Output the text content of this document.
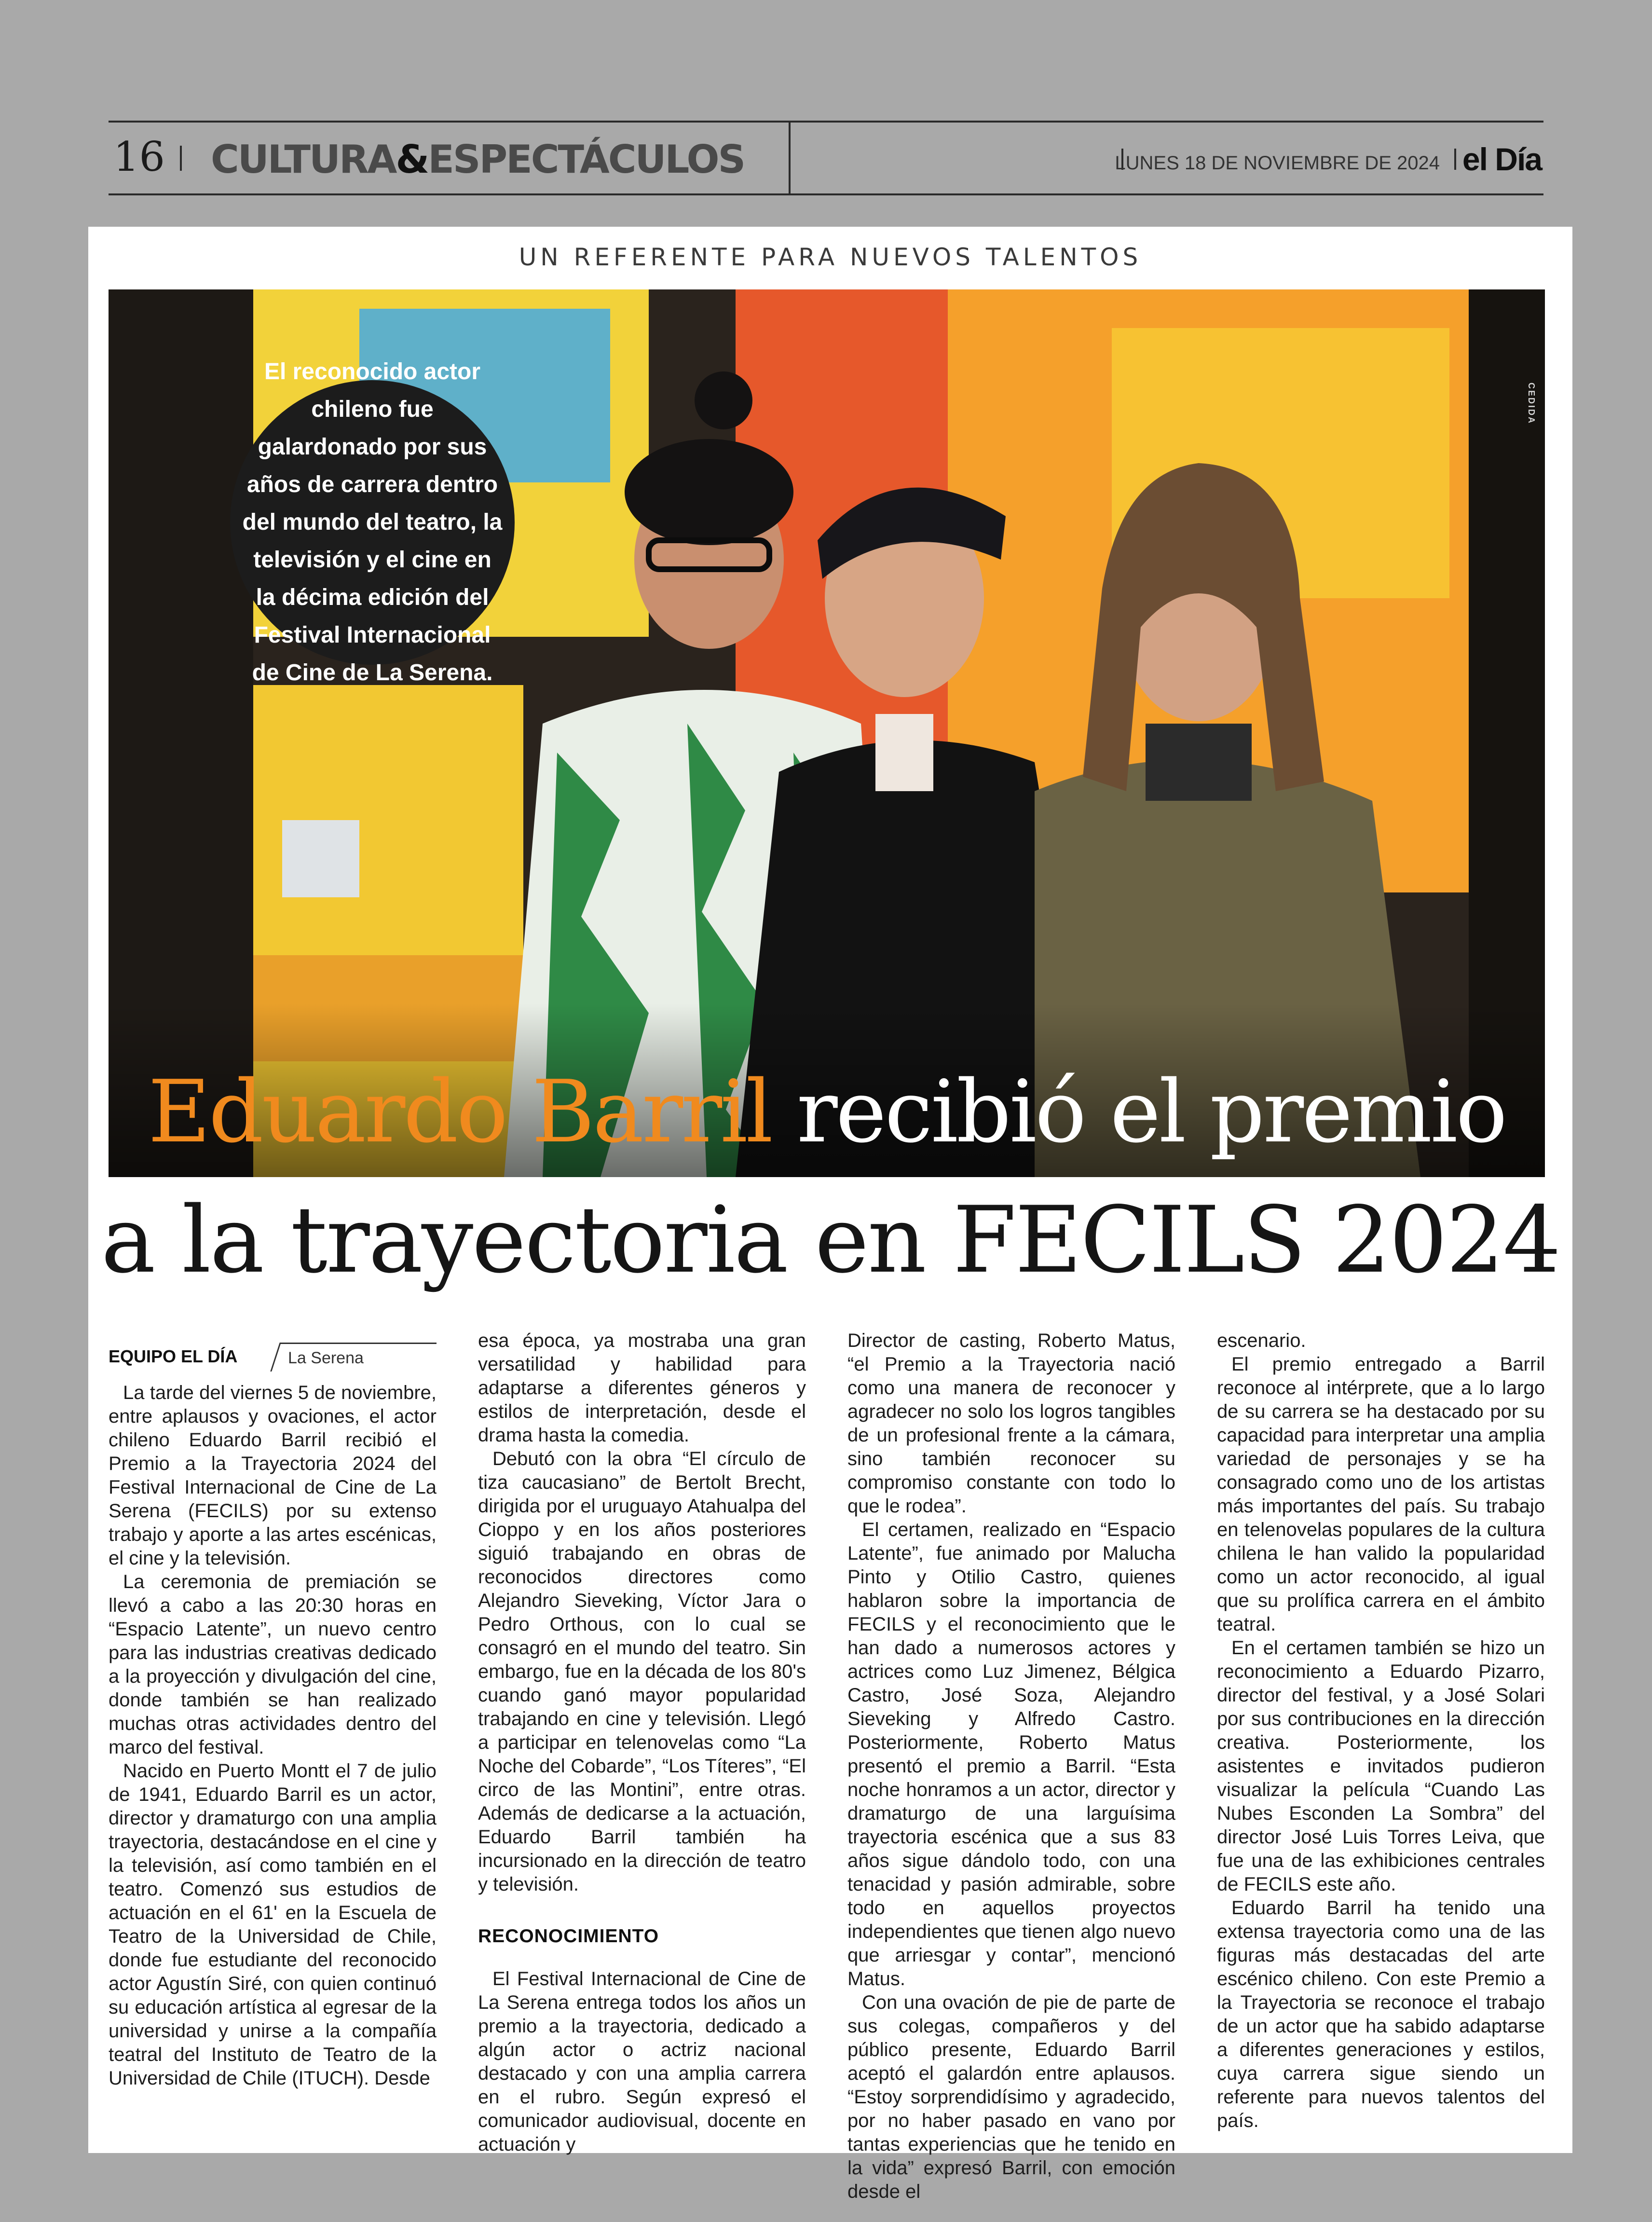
16 CULTURA&ESPECTÁCULOS	LUNES 18 DE NOVIEMBRE DE 2024 el Día
UN REFERENTE PARA NUEVOS TALENTOS
CEDIDA
El reconocido actor chileno fue galardonado por sus años de carrera dentro del mundo del teatro, la televisión y el cine en la décima edición del Festival Internacional de Cine de La Serena.
Eduardo Barril recibió el premio
a la trayectoria en FECILS 2024
EQUIPO EL DÍA	La Serena

La tarde del viernes 5 de noviembre, entre aplausos y ovaciones, el actor chileno Eduardo Barril recibió el Premio a la Trayectoria 2024 del Festival Internacional de Cine de La Serena (FECILS) por su extenso trabajo y aporte a las artes escénicas, el cine y la televisión.

La ceremonia de premiación se llevó a cabo a las 20:30 horas en “Espacio Latente”, un nuevo centro para las industrias creativas dedicado a la proyección y divulgación del cine, donde también se han realizado muchas otras actividades dentro del marco del festival.

Nacido en Puerto Montt el 7 de julio de 1941, Eduardo Barril es un actor, director y dramaturgo con una amplia trayectoria, destacándose en el cine y la televisión, así como también en el teatro. Comenzó sus estudios de actuación en el 61' en la Escuela de Teatro de la Universidad de Chile, donde fue estudiante del reconocido actor Agustín Siré, con quien continuó su educación artística al egresar de la universidad y unirse a la compañía teatral del Instituto de Teatro de la Universidad de Chile (ITUCH). Desde

esa época, ya mostraba una gran versatilidad y habilidad para adaptarse a diferentes géneros y estilos de interpretación, desde el drama hasta la comedia.

Debutó con la obra “El círculo de tiza caucasiano” de Bertolt Brecht, dirigida por el uruguayo Atahualpa del Cioppo y en los años posteriores siguió trabajando en obras de reconocidos directores como Alejandro Sieveking, Víctor Jara o Pedro Orthous, con lo cual se consagró en el mundo del teatro. Sin embargo, fue en la década de los 80's cuando ganó mayor popularidad trabajando en cine y televisión. Llegó a participar en telenovelas como “La Noche del Cobarde”, “Los Títeres”, “El circo de las Montini”, entre otras. Además de dedicarse a la actuación, Eduardo Barril también ha incursionado en la dirección de teatro y televisión.

RECONOCIMIENTO

El Festival Internacional de Cine de La Serena entrega todos los años un premio a la trayectoria, dedicado a algún actor o actriz nacional destacado y con una amplia carrera en el rubro. Según expresó el comunicador audiovisual, docente en actuación y

Director de casting, Roberto Matus, “el Premio a la Trayectoria nació como una manera de reconocer y agradecer no solo los logros tangibles de un profesional frente a la cámara, sino también reconocer su compromiso constante con todo lo que le rodea”.

El certamen, realizado en “Espacio Latente”, fue animado por Malucha Pinto y Otilio Castro, quienes hablaron sobre la importancia de FECILS y el reconocimiento que le han dado a numerosos actores y actrices como Luz Jimenez, Bélgica Castro, José Soza, Alejandro Sieveking y Alfredo Castro. Posteriormente, Roberto Matus presentó el premio a Barril. “Esta noche honramos a un actor, director y dramaturgo de una larguísima trayectoria escénica que a sus 83 años sigue dándolo todo, con una tenacidad y pasión admirable, sobre todo en aquellos proyectos independientes que tienen algo nuevo que arriesgar y contar”, mencionó Matus.

Con una ovación de pie de parte de sus colegas, compañeros y del público presente, Eduardo Barril aceptó el galardón entre aplausos. “Estoy sorprendidísimo y agradecido, por no haber pasado en vano por tantas experiencias que he tenido en la vida” expresó Barril, con emoción desde el

escenario.

El premio entregado a Barril reconoce al intérprete, que a lo largo de su carrera se ha destacado por su capacidad para interpretar una amplia variedad de personajes y se ha consagrado como uno de los artistas más importantes del país. Su trabajo en telenovelas populares de la cultura chilena le han valido la popularidad como un actor reconocido, al igual que su prolífica carrera en el ámbito teatral.

En el certamen también se hizo un reconocimiento a Eduardo Pizarro, director del festival, y a José Solari por sus contribuciones en la dirección creativa. Posteriormente, los asistentes e invitados pudieron visualizar la película “Cuando Las Nubes Esconden La Sombra” del director José Luis Torres Leiva, que fue una de las exhibiciones centrales de FECILS este año.

Eduardo Barril ha tenido una extensa trayectoria como una de las figuras más destacadas del arte escénico chileno. Con este Premio a la Trayectoria se reconoce el trabajo de un actor que ha sabido adaptarse a diferentes generaciones y estilos, cuya carrera sigue siendo un referente para nuevos talentos del país.
